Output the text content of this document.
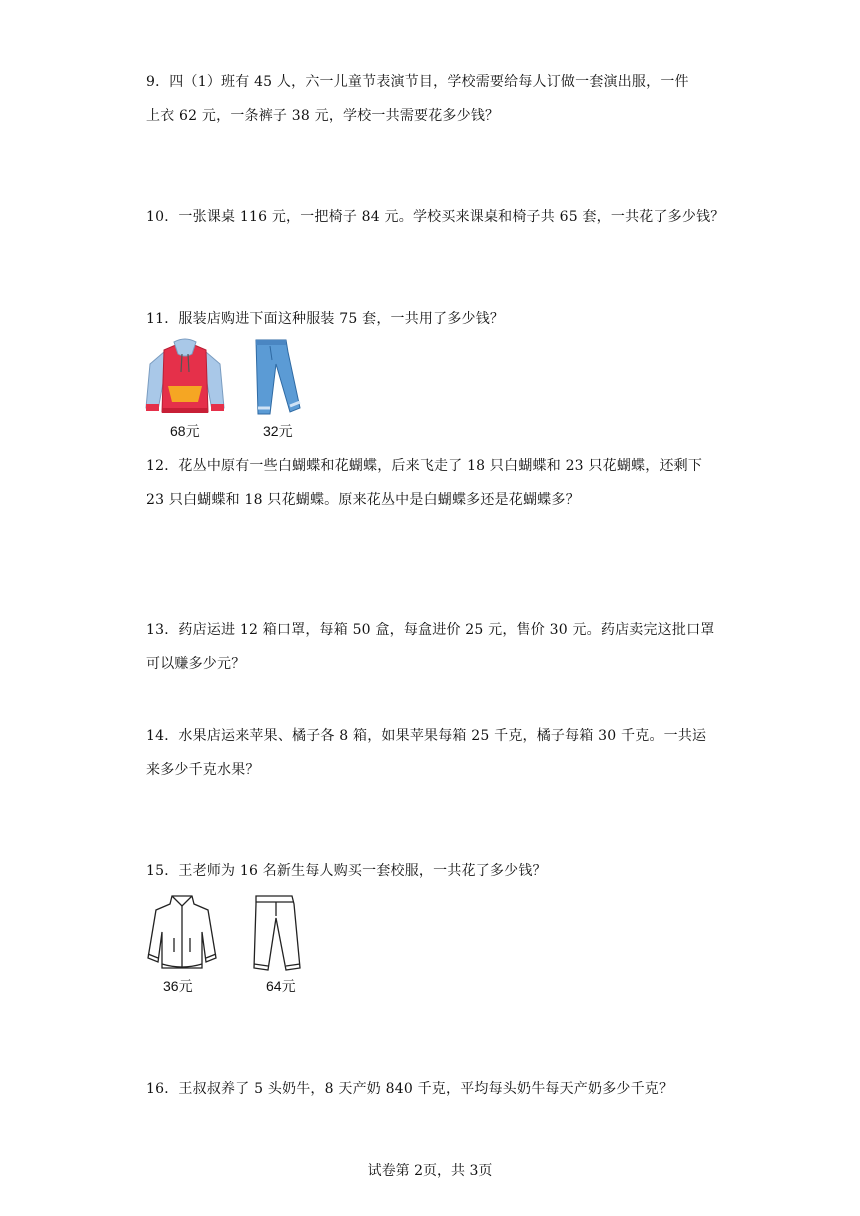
9．四（1）班有 45 人，六一儿童节表演节目，学校需要给每人订做一套演出服，一件
上衣 62 元，一条裤子 38 元，学校一共需要花多少钱？
10．一张课桌 116 元，一把椅子 84 元。学校买来课桌和椅子共 65 套，一共花了多少钱？
11．服装店购进下面这种服装 75 套，一共用了多少钱？
68元	32元
12．花丛中原有一些白蝴蝶和花蝴蝶，后来飞走了 18 只白蝴蝶和 23 只花蝴蝶，还剩下
23 只白蝴蝶和 18 只花蝴蝶。原来花丛中是白蝴蝶多还是花蝴蝶多？
13．药店运进 12 箱口罩，每箱 50 盒，每盒进价 25 元，售价 30 元。药店卖完这批口罩
可以赚多少元？
14．水果店运来苹果、橘子各 8 箱，如果苹果每箱 25 千克，橘子每箱 30 千克。一共运
来多少千克水果？
15．王老师为 16 名新生每人购买一套校服，一共花了多少钱？
36元	64元
16．王叔叔养了 5 头奶牛，8 天产奶 840 千克，平均每头奶牛每天产奶多少千克？
试卷第 2页，共 3页
